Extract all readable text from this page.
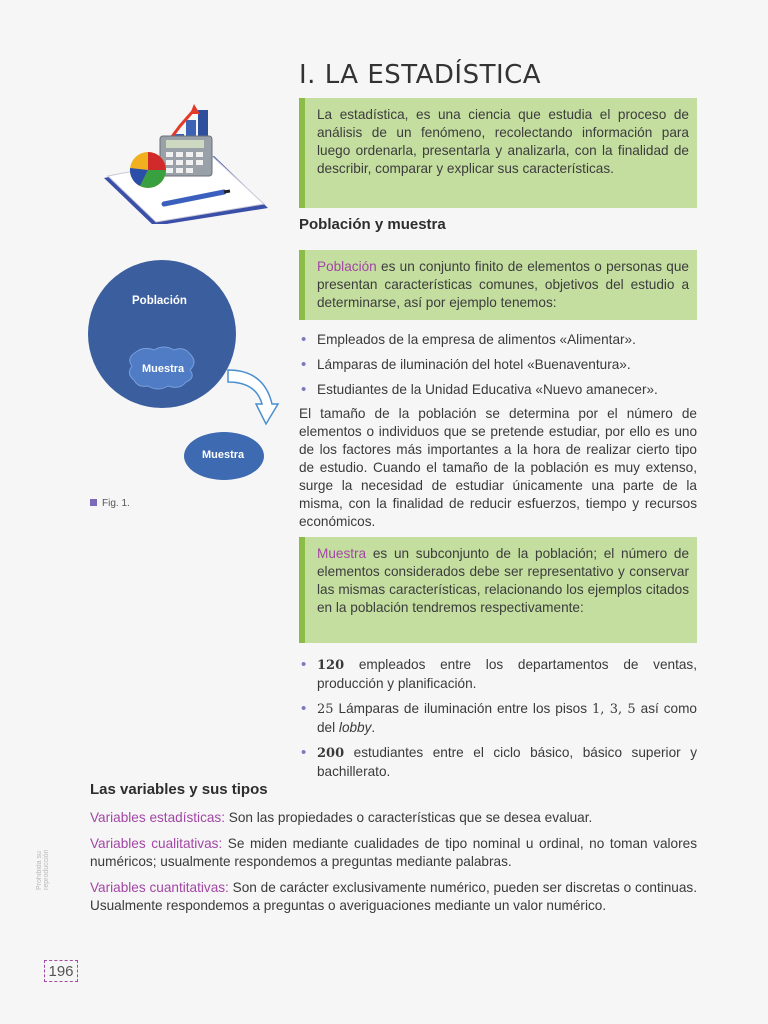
I. LA ESTADÍSTICA
Población
Muestra
Muestra
Fig. 1.
La estadística, es una ciencia que estudia el proceso de análisis de un fenómeno, recolectando información para luego ordenarla, presentarla y analizarla, con la finalidad de describir, comparar y explicar sus características.
Población y muestra
Población es un conjunto finito de elementos o personas que presentan características comunes, objetivos del estudio a determinarse, así por ejemplo tenemos:
• Empleados de la empresa de alimentos «Alimentar».
• Lámparas de iluminación del hotel «Buenaventura».
• Estudiantes de la Unidad Educativa «Nuevo amanecer».
El tamaño de la población se determina por el número de elementos o individuos que se pretende estudiar, por ello es uno de los factores más importantes a la hora de realizar cierto tipo de estudio. Cuando el tamaño de la población es muy extenso, surge la necesidad de estudiar únicamente una parte de la misma, con la finalidad de reducir esfuerzos, tiempo y recursos económicos.
Muestra es un subconjunto de la población; el número de elementos considerados debe ser representativo y conservar las mismas características, relacionando los ejemplos citados en la población tendremos respectivamente:
• 120 empleados entre los departamentos de ventas, producción y planificación.
• 25 Lámparas de iluminación entre los pisos 1, 3, 5 así como del lobby.
• 200 estudiantes entre el ciclo básico, básico superior y bachillerato.
Las variables y sus tipos

Variables estadísticas: Son las propiedades o características que se desea evaluar.

Variables cualitativas: Se miden mediante cualidades de tipo nominal u ordinal, no toman valores numéricos; usualmente respondemos a preguntas mediante palabras.

Variables cuantitativas: Son de carácter exclusivamente numérico, pueden ser discretas o continuas. Usualmente respondemos a preguntas o averiguaciones mediante un valor numérico.

Prohibida su reproducción
196
